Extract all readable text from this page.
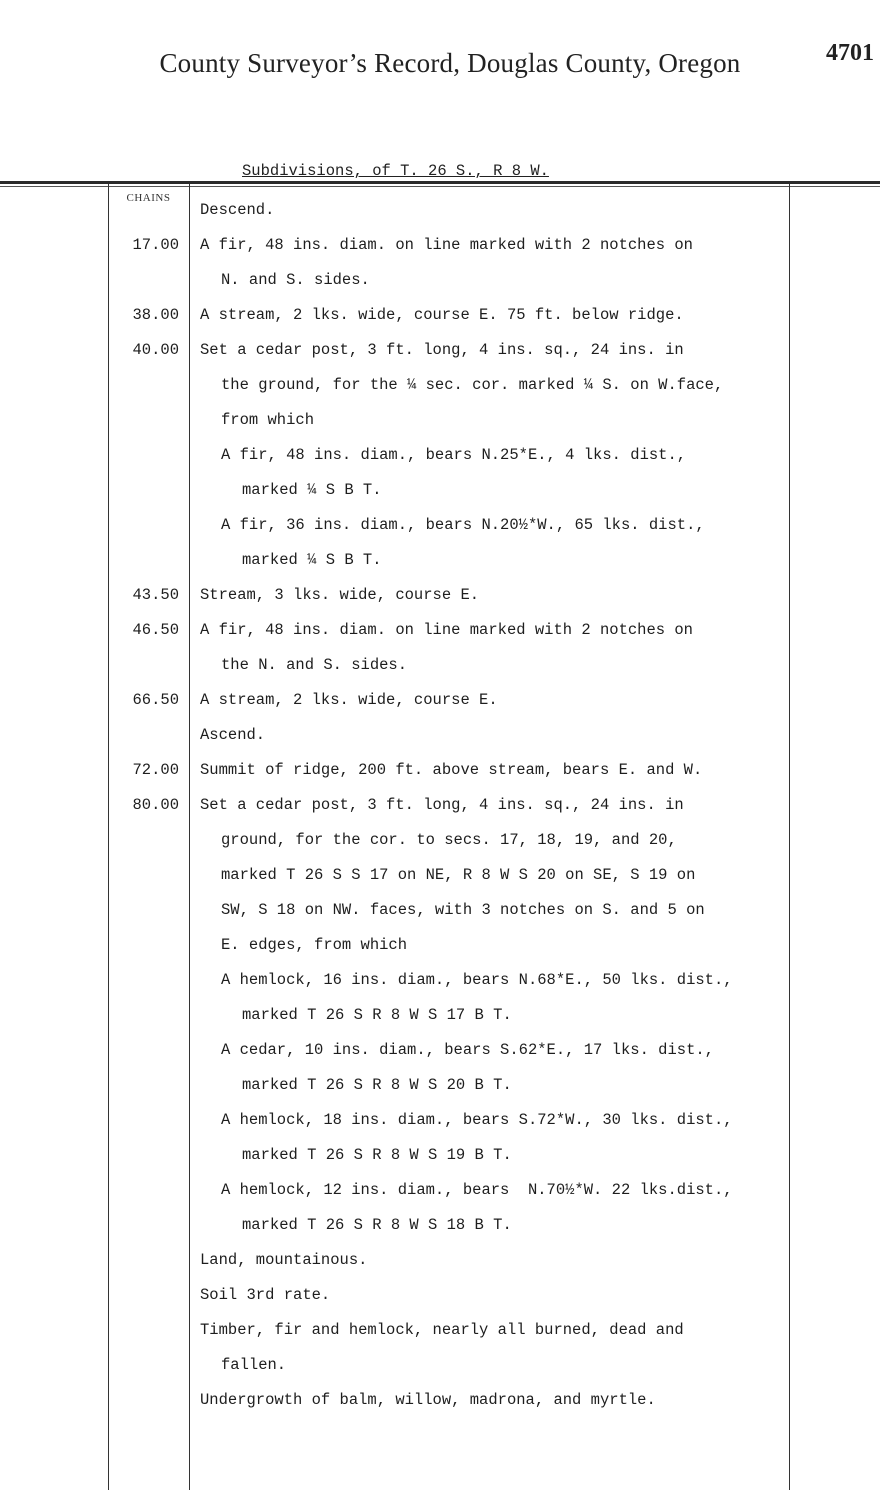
County Surveyor’s Record, Douglas County, Oregon	4701
Subdivisions, of T. 26 S., R 8 W.
CHAINS
Descend.
17.00 A fir, 48 ins. diam. on line marked with 2 notches on
N. and S. sides.
38.00 A stream, 2 lks. wide, course E. 75 ft. below ridge.
40.00 Set a cedar post, 3 ft. long, 4 ins. sq., 24 ins. in
the ground, for the ¼ sec. cor. marked ¼ S. on W.face,
from which
A fir, 48 ins. diam., bears N.25*E., 4 lks. dist.,
marked ¼ S B T.
A fir, 36 ins. diam., bears N.20½*W., 65 lks. dist.,
marked ¼ S B T.
43.50 Stream, 3 lks. wide, course E.
46.50 A fir, 48 ins. diam. on line marked with 2 notches on
the N. and S. sides.
66.50 A stream, 2 lks. wide, course E.
Ascend.
72.00 Summit of ridge, 200 ft. above stream, bears E. and W.
80.00 Set a cedar post, 3 ft. long, 4 ins. sq., 24 ins. in
ground, for the cor. to secs. 17, 18, 19, and 20,
marked T 26 S S 17 on NE, R 8 W S 20 on SE, S 19 on
SW, S 18 on NW. faces, with 3 notches on S. and 5 on
E. edges, from which
A hemlock, 16 ins. diam., bears N.68*E., 50 lks. dist.,
marked T 26 S R 8 W S 17 B T.
A cedar, 10 ins. diam., bears S.62*E., 17 lks. dist.,
marked T 26 S R 8 W S 20 B T.
A hemlock, 18 ins. diam., bears S.72*W., 30 lks. dist.,
marked T 26 S R 8 W S 19 B T.
A hemlock, 12 ins. diam., bears  N.70½*W. 22 lks.dist.,
marked T 26 S R 8 W S 18 B T.
Land, mountainous.
Soil 3rd rate.
Timber, fir and hemlock, nearly all burned, dead and
fallen.
Undergrowth of balm, willow, madrona, and myrtle.
